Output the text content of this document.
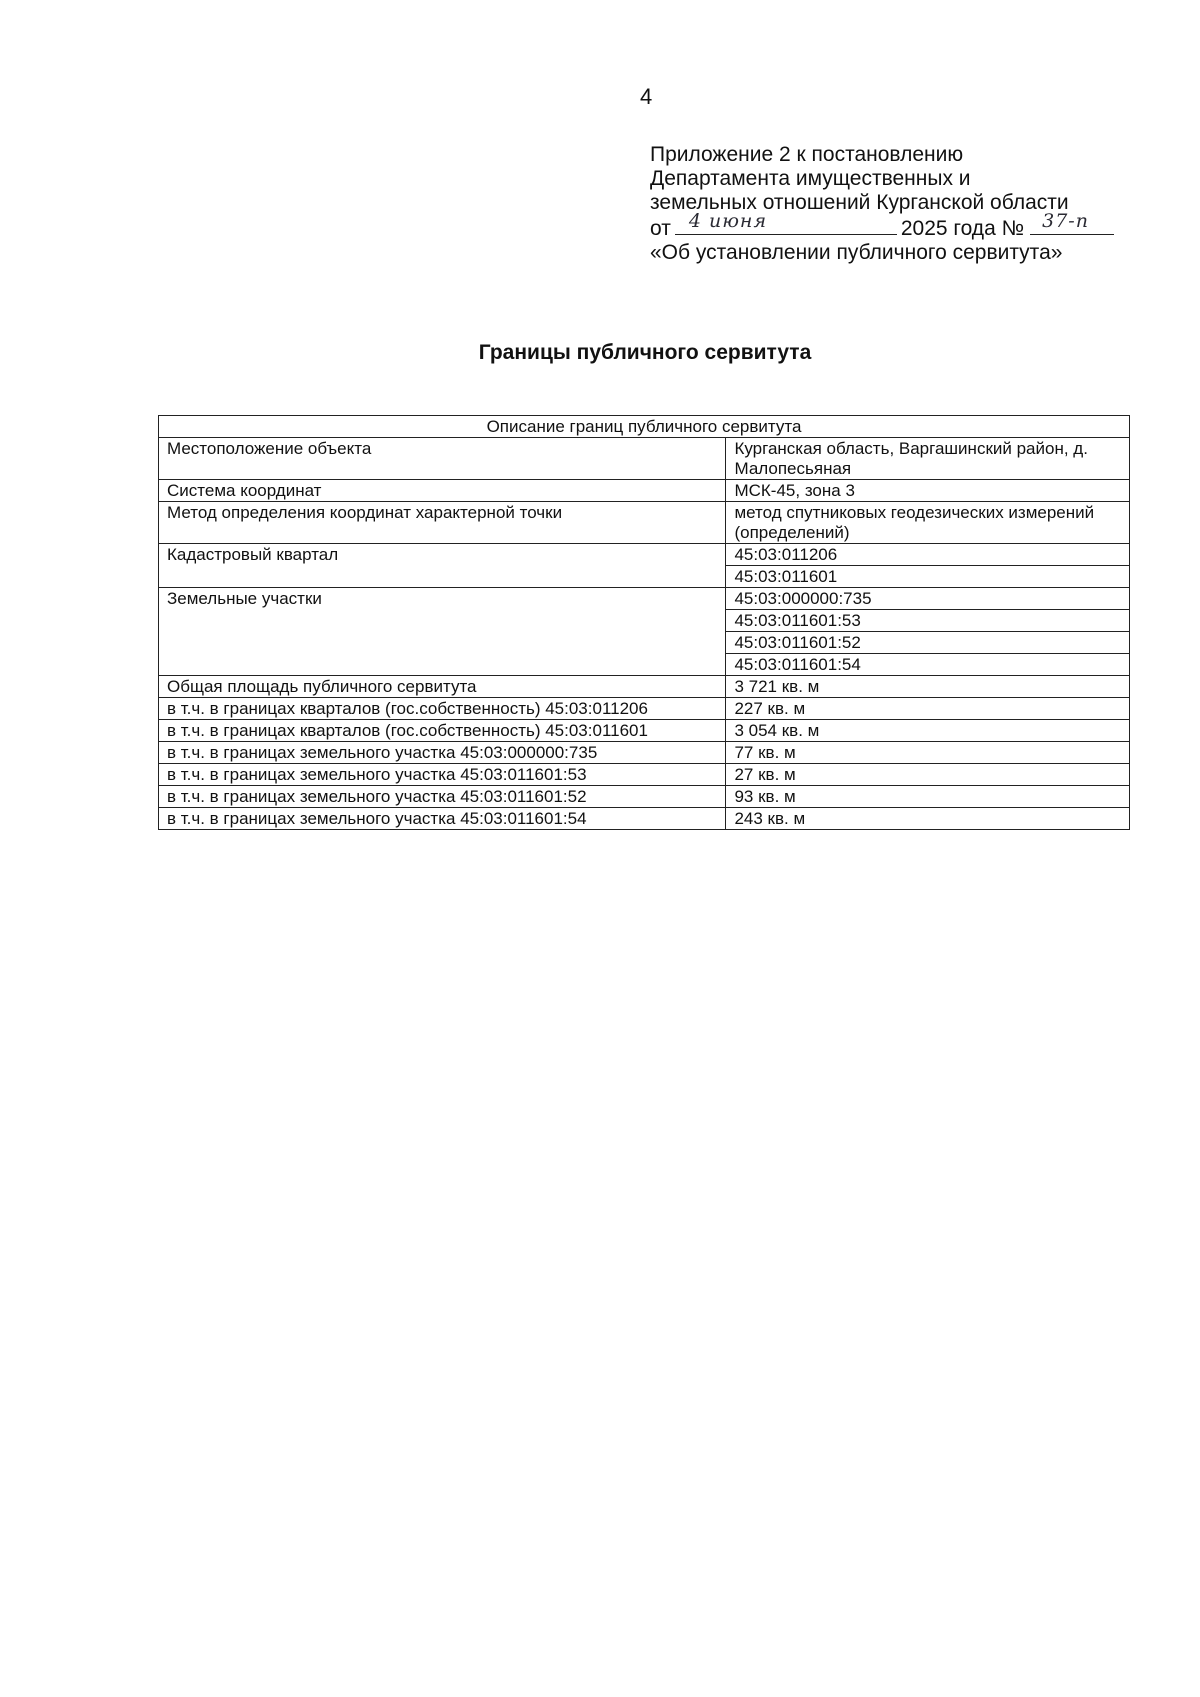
4
Приложение 2 к постановлению
Департамента имущественных и
земельных отношений Курганской области
от 4 июня	2025 года № 37-п
«Об установлении публичного сервитута»
Границы публичного сервитута
Описание границ публичного сервитута	
Местоположение объекта	Курганская область, Варгашинский район, д. Малопесьяная
Система координат	МСК-45, зона 3
Метод определения координат характерной точки	метод спутниковых геодезических измерений (определений)
Кадастровый квартал	45:03:011206
	45:03:011601
Земельные участки	45:03:000000:735
	45:03:011601:53
	45:03:011601:52
	45:03:011601:54
Общая площадь публичного сервитута	3 721 кв. м
в т.ч. в границах кварталов (гос.собственность) 45:03:011206	227 кв. м
в т.ч. в границах кварталов (гос.собственность) 45:03:011601	3 054 кв. м
в т.ч. в границах земельного участка 45:03:000000:735	77 кв. м
в т.ч. в границах земельного участка 45:03:011601:53	27 кв. м
в т.ч. в границах земельного участка 45:03:011601:52	93 кв. м
в т.ч. в границах земельного участка 45:03:011601:54	243 кв. м
